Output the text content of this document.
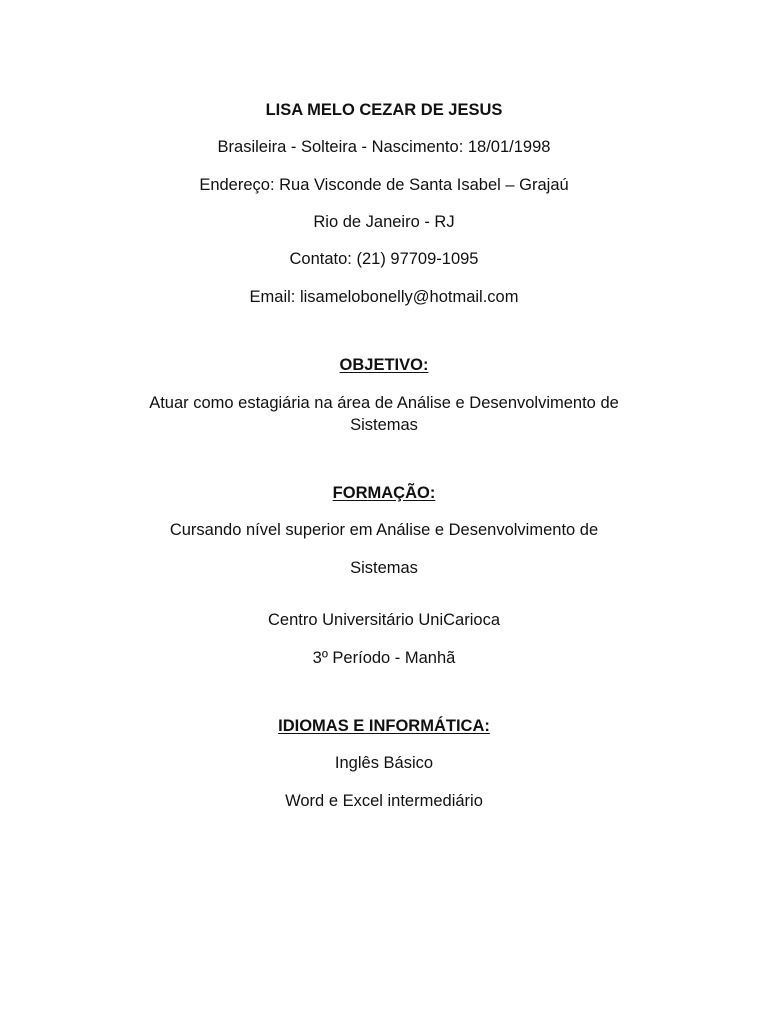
LISA MELO CEZAR DE JESUS
Brasileira - Solteira - Nascimento: 18/01/1998
Endereço: Rua Visconde de Santa Isabel – Grajaú
Rio de Janeiro - RJ
Contato: (21) 97709-1095
Email: lisamelobonelly@hotmail.com
OBJETIVO:
Atuar como estagiária na área de Análise e Desenvolvimento de Sistemas
FORMAÇÃO:
Cursando nível superior em Análise e Desenvolvimento de
Sistemas
Centro Universitário UniCarioca
3º Período - Manhã
IDIOMAS E INFORMÁTICA:
Inglês Básico
Word e Excel intermediário
